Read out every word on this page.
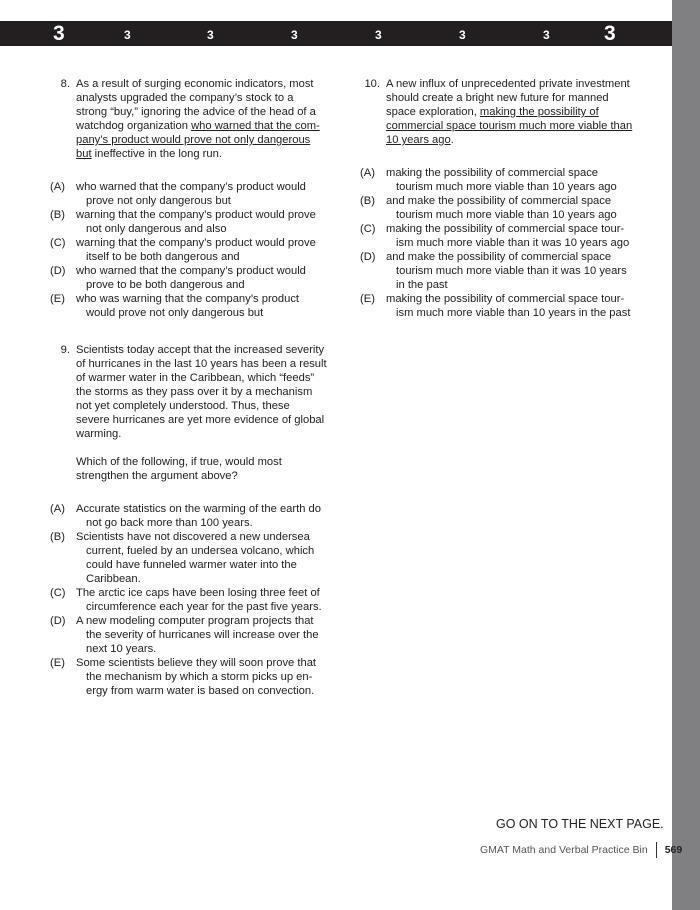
3	3	3	3	3	3	3	3
8. As a result of surging economic indicators, most
analysts upgraded the company’s stock to a
strong “buy,” ignoring the advice of the head of a
watchdog organization who warned that the com-
pany’s product would prove not only dangerous
but ineffective in the long run.
(A) who warned that the company’s product would
prove not only dangerous but
(B) warning that the company’s product would prove
not only dangerous and also
(C) warning that the company’s product would prove
itself to be both dangerous and
(D) who warned that the company’s product would
prove to be both dangerous and
(E) who was warning that the company’s product
would prove not only dangerous but
9. Scientists today accept that the increased severity
of hurricanes in the last 10 years has been a result
of warmer water in the Caribbean, which “feeds”
the storms as they pass over it by a mechanism
not yet completely understood. Thus, these
severe hurricanes are yet more evidence of global
warming.
Which of the following, if true, would most
strengthen the argument above?
(A) Accurate statistics on the warming of the earth do
not go back more than 100 years.
(B) Scientists have not discovered a new undersea
current, fueled by an undersea volcano, which
could have funneled warmer water into the
Caribbean.
(C) The arctic ice caps have been losing three feet of
circumference each year for the past five years.
(D) A new modeling computer program projects that
the severity of hurricanes will increase over the
next 10 years.
(E) Some scientists believe they will soon prove that
the mechanism by which a storm picks up en-
ergy from warm water is based on convection.
10. A new influx of unprecedented private investment
should create a bright new future for manned
space exploration, making the possibility of
commercial space tourism much more viable than
10 years ago.
(A) making the possibility of commercial space
tourism much more viable than 10 years ago
(B) and make the possibility of commercial space
tourism much more viable than 10 years ago
(C) making the possibility of commercial space tour-
ism much more viable than it was 10 years ago
(D) and make the possibility of commercial space
tourism much more viable than it was 10 years
in the past
(E) making the possibility of commercial space tour-
ism much more viable than 10 years in the past
GO ON TO THE NEXT PAGE.
GMAT Math and Verbal Practice Bin 569
